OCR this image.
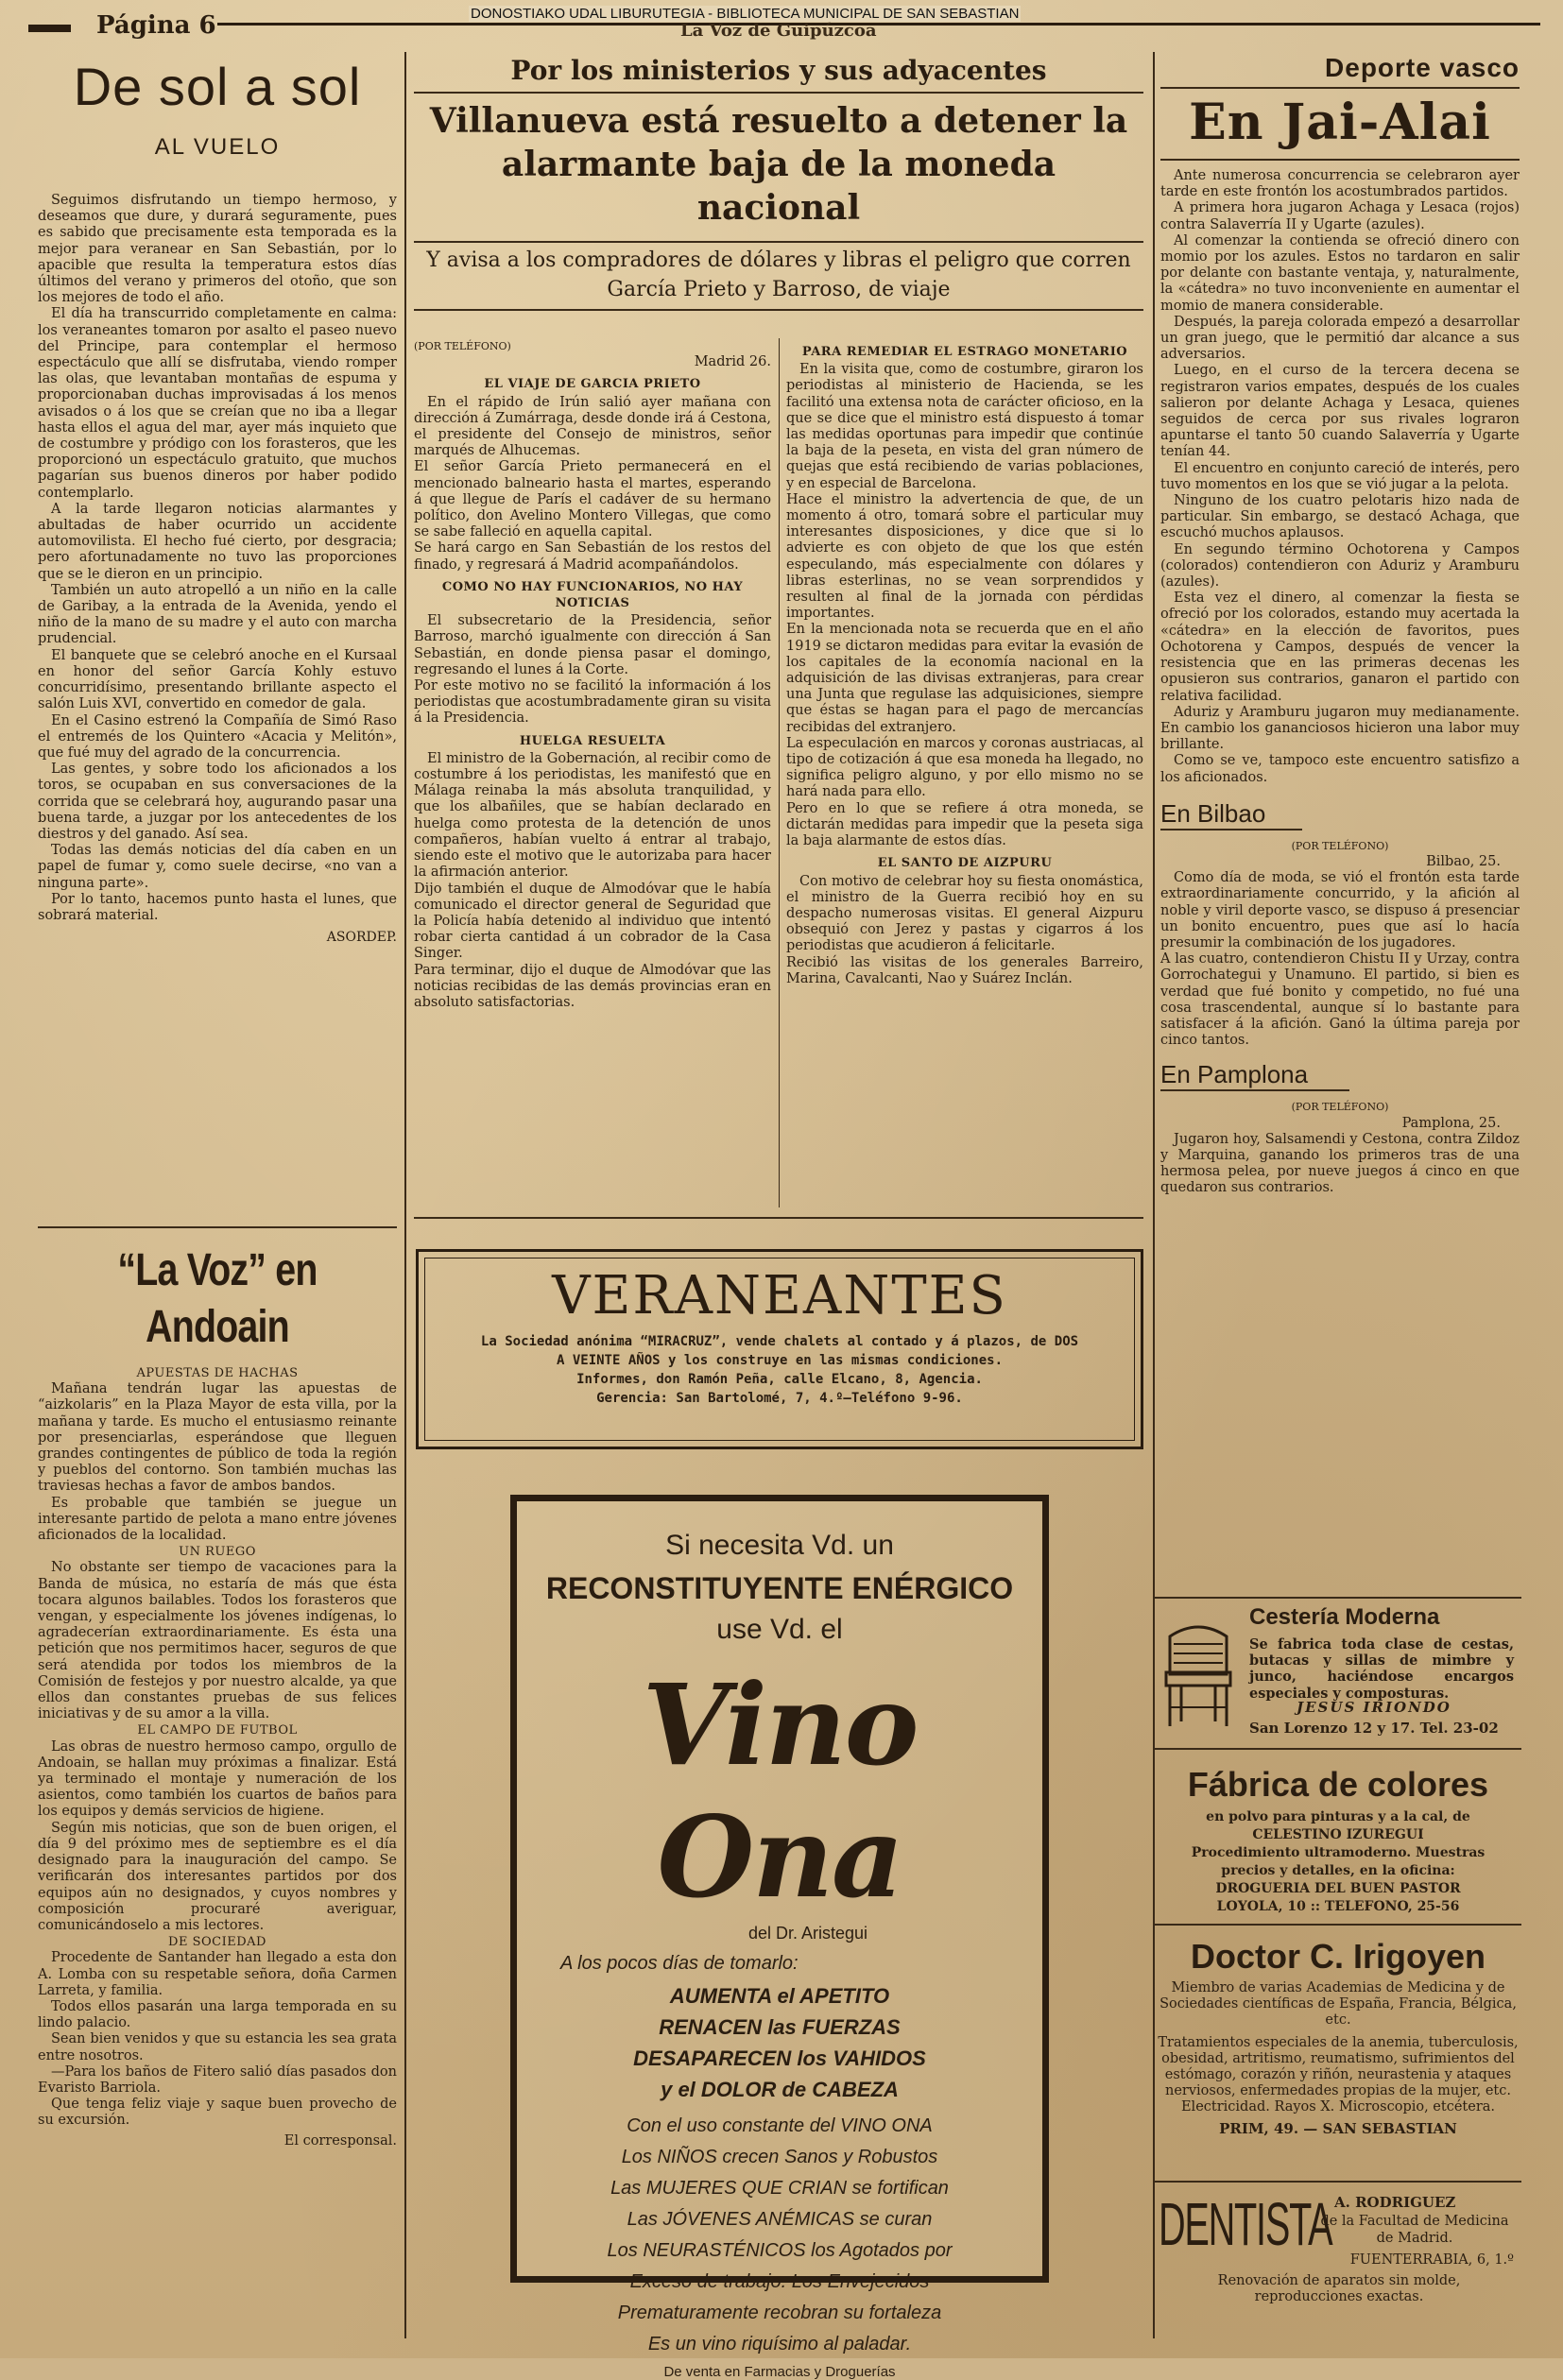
Página 6	DONOSTIAKO UDAL LIBURUTEGIA - BIBLIOTECA MUNICIPAL DE SAN SEBASTIAN
La Voz de Guipúzcoa
De sol a sol
AL VUELO

Seguimos disfrutando un tiempo hermoso, y deseamos que dure, y durará seguramente, pues es sabido que precisamente esta temporada es la mejor para veranear en San Sebastián, por lo apacible que resulta la temperatura estos días últimos del verano y primeros del otoño, que son los mejores de todo el año.

El día ha transcurrido completamente en calma: los veraneantes tomaron por asalto el paseo nuevo del Principe, para contemplar el hermoso espectáculo que allí se disfrutaba, viendo romper las olas, que levantaban montañas de espuma y proporcionaban duchas improvisadas á los menos avisados o á los que se creían que no iba a llegar hasta ellos el agua del mar, ayer más inquieto que de costumbre y pródigo con los forasteros, que les proporcionó un espectáculo gratuito, que muchos pagarían sus buenos dineros por haber podido contemplarlo.

A la tarde llegaron noticias alarmantes y abultadas de haber ocurrido un accidente automovilista. El hecho fué cierto, por desgracia; pero afortunadamente no tuvo las proporciones que se le dieron en un principio.

También un auto atropelló a un niño en la calle de Garibay, a la entrada de la Avenida, yendo el niño de la mano de su madre y el auto con marcha prudencial.

El banquete que se celebró anoche en el Kursaal en honor del señor García Kohly estuvo concurridísimo, presentando brillante aspecto el salón Luis XVI, convertido en comedor de gala.

En el Casino estrenó la Compañía de Simó Raso el entremés de los Quintero «Acacia y Melitón», que fué muy del agrado de la concurrencia.

Las gentes, y sobre todo los aficionados a los toros, se ocupaban en sus conversaciones de la corrida que se celebrará hoy, augurando pasar una buena tarde, a juzgar por los antecedentes de los diestros y del ganado. Así sea.

Todas las demás noticias del día caben en un papel de fumar y, como suele decirse, «no van a ninguna parte».

Por lo tanto, hacemos punto hasta el lunes, que sobrará material.

ASORDEP.
“La Voz” en Andoain
APUESTAS DE HACHAS

Mañana tendrán lugar las apuestas de “aizkolaris” en la Plaza Mayor de esta villa, por la mañana y tarde. Es mucho el entusiasmo reinante por presenciarlas, esperándose que lleguen grandes contingentes de público de toda la región y pueblos del contorno. Son también muchas las traviesas hechas a favor de ambos bandos.

Es probable que también se juegue un interesante partido de pelota a mano entre jóvenes aficionados de la localidad.

UN RUEGO

No obstante ser tiempo de vacaciones para la Banda de música, no estaría de más que ésta tocara algunos bailables. Todos los forasteros que vengan, y especialmente los jóvenes indígenas, lo agradecerían extraordinariamente. Es ésta una petición que nos permitimos hacer, seguros de que será atendida por todos los miembros de la Comisión de festejos y por nuestro alcalde, ya que ellos dan constantes pruebas de sus felices iniciativas y de su amor a la villa.

EL CAMPO DE FUTBOL

Las obras de nuestro hermoso campo, orgullo de Andoain, se hallan muy próximas a finalizar. Está ya terminado el montaje y numeración de los asientos, como también los cuartos de baños para los equipos y demás servicios de higiene.

Según mis noticias, que son de buen origen, el día 9 del próximo mes de septiembre es el día designado para la inauguración del campo. Se verificarán dos interesantes partidos por dos equipos aún no designados, y cuyos nombres y composición procuraré averiguar, comunicándoselo a mis lectores.

DE SOCIEDAD

Procedente de Santander han llegado a esta don A. Lomba con su respetable señora, doña Carmen Larreta, y familia.

Todos ellos pasarán una larga temporada en su lindo palacio.

Sean bien venidos y que su estancia les sea grata entre nosotros.

—Para los baños de Fitero salió días pasados don Evaristo Barriola.

Que tenga feliz viaje y saque buen provecho de su excursión.

El corresponsal.
Por los ministerios y sus adyacentes
Villanueva está resuelto a detener la alarmante baja de la moneda nacional
Y avisa a los compradores de dólares y libras el peligro que corren
García Prieto y Barroso, de viaje
(POR TELÉFONO)
Madrid 26.
EL VIAJE DE GARCIA PRIETO
En el rápido de Irún salió ayer mañana con dirección á Zumárraga, desde donde irá á Cestona, el presidente del Consejo de ministros, señor marqués de Alhucemas.
El señor García Prieto permanecerá en el mencionado balneario hasta el martes, esperando á que llegue de París el cadáver de su hermano político, don Avelino Montero Villegas, que como se sabe falleció en aquella capital.
Se hará cargo en San Sebastián de los restos del finado, y regresará á Madrid acompañándolos.
COMO NO HAY FUNCIONARIOS, NO HAY NOTICIAS
El subsecretario de la Presidencia, señor Barroso, marchó igualmente con dirección á San Sebastián, en donde piensa pasar el domingo, regresando el lunes á la Corte.
Por este motivo no se facilitó la información á los periodistas que acostumbradamente giran su visita á la Presidencia.
HUELGA RESUELTA
El ministro de la Gobernación, al recibir como de costumbre á los periodistas, les manifestó que en Málaga reinaba la más absoluta tranquilidad, y que los albañiles, que se habían declarado en huelga como protesta de la detención de unos compañeros, habían vuelto á entrar al trabajo, siendo este el motivo que le autorizaba para hacer la afirmación anterior.
Dijo también el duque de Almodóvar que le había comunicado el director general de Seguridad que la Policía había detenido al individuo que intentó robar cierta cantidad á un cobrador de la Casa Singer.
Para terminar, dijo el duque de Almodóvar que las noticias recibidas de las demás provincias eran en absoluto satisfactorias.
PARA REMEDIAR EL ESTRAGO MONETARIO
En la visita que, como de costumbre, giraron los periodistas al ministerio de Hacienda, se les facilitó una extensa nota de carácter oficioso, en la que se dice que el ministro está dispuesto á tomar las medidas oportunas para impedir que continúe la baja de la peseta, en vista del gran número de quejas que está recibiendo de varias poblaciones, y en especial de Barcelona.
Hace el ministro la advertencia de que, de un momento á otro, tomará sobre el particular muy interesantes disposiciones, y dice que si lo advierte es con objeto de que los que estén especulando, más especialmente con dólares y libras esterlinas, no se vean sorprendidos y resulten al final de la jornada con pérdidas importantes.
En la mencionada nota se recuerda que en el año 1919 se dictaron medidas para evitar la evasión de los capitales de la economía nacional en la adquisición de las divisas extranjeras, para crear una Junta que regulase las adquisiciones, siempre que éstas se hagan para el pago de mercancías recibidas del extranjero.
La especulación en marcos y coronas austriacas, al tipo de cotización á que esa moneda ha llegado, no significa peligro alguno, y por ello mismo no se hará nada para ello.
Pero en lo que se refiere á otra moneda, se dictarán medidas para impedir que la peseta siga la baja alarmante de estos días.
EL SANTO DE AIZPURU
Con motivo de celebrar hoy su fiesta onomástica, el ministro de la Guerra recibió hoy en su despacho numerosas visitas. El general Aizpuru obsequió con Jerez y pastas y cigarros á los periodistas que acudieron á felicitarle.
Recibió las visitas de los generales Barreiro, Marina, Cavalcanti, Nao y Suárez Inclán.
VERANEANTES
La Sociedad anónima “MIRACRUZ”, vende chalets al contado y á plazos, de DOS
A VEINTE AÑOS y los construye en las mismas condiciones.
Informes, don Ramón Peña, calle Elcano, 8, Agencia.
Gerencia: San Bartolomé, 7, 4.º—Teléfono 9-96.
Si necesita Vd. un
RECONSTITUYENTE ENÉRGICO
use Vd. el
Vino Ona
del Dr. Aristegui
A los pocos días de tomarlo:
AUMENTA el APETITO
RENACEN las FUERZAS
DESAPARECEN los VAHIDOS
y el DOLOR de CABEZA
Con el uso constante del VINO ONA
Los NIÑOS crecen Sanos y Robustos
Las MUJERES QUE CRIAN se fortifican
Las JÓVENES ANÉMICAS se curan
Los NEURASTÉNICOS los Agotados por
Exceso de trabajo. Los Envejecidos
Prematuramente recobran su fortaleza
Es un vino riquísimo al paladar.
De venta en Farmacias y Droguerías
Deporte vasco
En Jai-Alai

Ante numerosa concurrencia se celebraron ayer tarde en este frontón los acostumbrados partidos.

A primera hora jugaron Achaga y Lesaca (rojos) contra Salaverría II y Ugarte (azules).

Al comenzar la contienda se ofreció dinero con momio por los azules. Estos no tardaron en salir por delante con bastante ventaja, y, naturalmente, la «cátedra» no tuvo inconveniente en aumentar el momio de manera considerable.

Después, la pareja colorada empezó a desarrollar un gran juego, que le permitió dar alcance a sus adversarios.

Luego, en el curso de la tercera decena se registraron varios empates, después de los cuales salieron por delante Achaga y Lesaca, quienes seguidos de cerca por sus rivales lograron apuntarse el tanto 50 cuando Salaverría y Ugarte tenían 44.

El encuentro en conjunto careció de interés, pero tuvo momentos en los que se vió jugar a la pelota.

Ninguno de los cuatro pelotaris hizo nada de particular. Sin embargo, se destacó Achaga, que escuchó muchos aplausos.

En segundo término Ochotorena y Campos (colorados) contendieron con Aduriz y Aramburu (azules).

Esta vez el dinero, al comenzar la fiesta se ofreció por los colorados, estando muy acertada la «cátedra» en la elección de favoritos, pues Ochotorena y Campos, después de vencer la resistencia que en las primeras decenas les opusieron sus contrarios, ganaron el partido con relativa facilidad.

Aduriz y Aramburu jugaron muy medianamente. En cambio los gananciosos hicieron una labor muy brillante.

Como se ve, tampoco este encuentro satisfizo a los aficionados.

En Bilbao
(POR TELÉFONO)
Bilbao, 25.
Como día de moda, se vió el frontón esta tarde extraordinariamente concurrido, y la afición al noble y viril deporte vasco, se dispuso á presenciar un bonito encuentro, pues que así lo hacía presumir la combinación de los jugadores.
A las cuatro, contendieron Chistu II y Urzay, contra Gorrochategui y Unamuno. El partido, si bien es verdad que fué bonito y competido, no fué una cosa trascendental, aunque sí lo bastante para satisfacer á la afición. Ganó la última pareja por cinco tantos.
En Pamplona
(POR TELÉFONO)
Pamplona, 25.

Jugaron hoy, Salsamendi y Cestona, contra Zildoz y Marquina, ganando los primeros tras de una hermosa pelea, por nueve juegos á cinco en que quedaron sus contrarios.

Cestería Moderna
Se fabrica toda clase de cestas, butacas y sillas de mimbre y junco, haciéndose encargos especiales y composturas.
JESUS IRIONDO
San Lorenzo 12 y 17. Tel. 23-02
Fábrica de colores
en polvo para pinturas y a la cal, de
CELESTINO IZUREGUI
Procedimiento ultramoderno. Muestras
precios y detalles, en la oficina:
DROGUERIA DEL BUEN PASTOR
LOYOLA, 10 :: TELEFONO, 25-56
Doctor C. Irigoyen
Miembro de varias Academias de Medicina y de Sociedades científicas de España, Francia, Bélgica, etc.
Tratamientos especiales de la anemia, tuberculosis, obesidad, artritismo, reumatismo, sufrimientos del estómago, corazón y riñón, neurastenia y ataques nerviosos, enfermedades propias de la mujer, etc.
Electricidad. Rayos X. Microscopio, etcétera.
PRIM, 49. — SAN SEBASTIAN
DENTISTA A. RODRIGUEZ
de la Facultad de Medicina de Madrid.
FUENTERRABIA, 6, 1.º
Renovación de aparatos sin molde, reproducciones exactas.
